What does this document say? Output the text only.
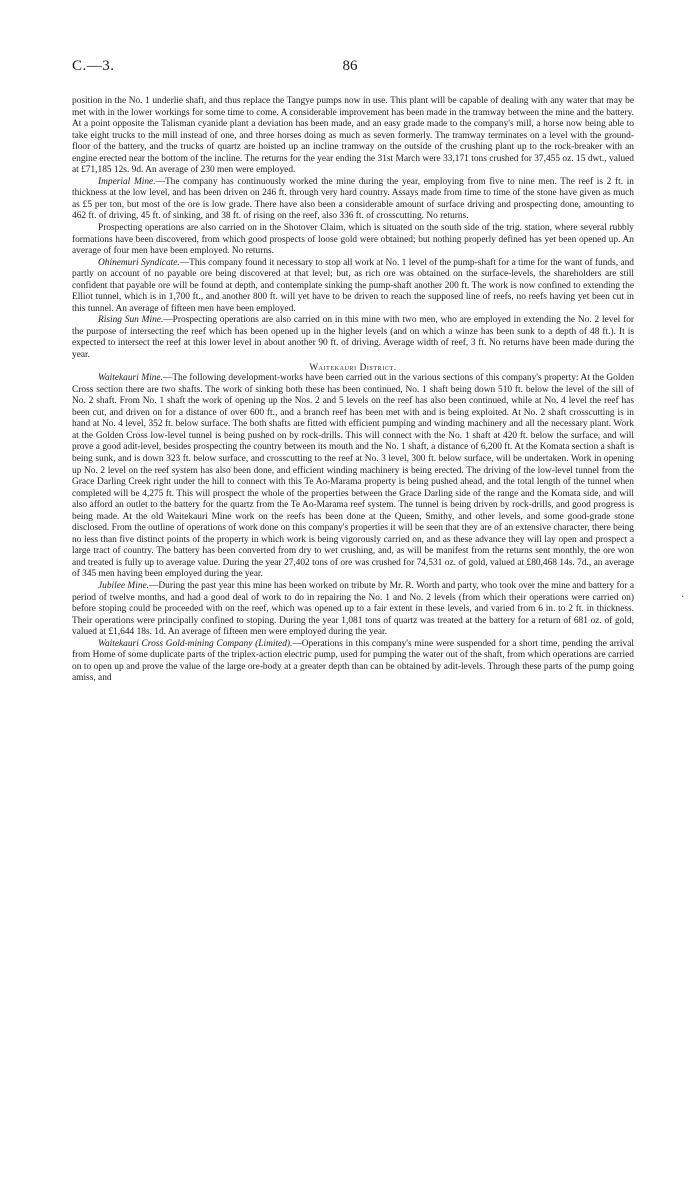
C.—3.	86
·

position in the No. 1 underlie shaft, and thus replace the Tangye pumps now in use. This plant will be capable of dealing with any water that may be met with in the lower workings for some time to come. A considerable improvement has been made in the tramway between the mine and the battery. At a point opposite the Talisman cyanide plant a deviation has been made, and an easy grade made to the company's mill, a horse now being able to take eight trucks to the mill instead of one, and three horses doing as much as seven formerly. The tramway terminates on a level with the ground-floor of the battery, and the trucks of quartz are hoisted up an incline tramway on the outside of the crushing plant up to the rock-breaker with an engine erected near the bottom of the incline. The returns for the year ending the 31st March were 33,171 tons crushed for 37,455 oz. 15 dwt., valued at £71,185 12s. 9d. An average of 230 men were employed.

Imperial Mine.—The company has continuously worked the mine during the year, employing from five to nine men. The reef is 2 ft. in thickness at the low level, and has been driven on 246 ft. through very hard country. Assays made from time to time of the stone have given as much as £5 per ton, but most of the ore is low grade. There have also been a considerable amount of surface driving and prospecting done, amounting to 462 ft. of driving, 45 ft. of sinking, and 38 ft. of rising on the reef, also 336 ft. of crosscutting. No returns.

Prospecting operations are also carried on in the Shotover Claim, which is situated on the south side of the trig. station, where several rubbly formations have been discovered, from which good prospects of loose gold were obtained; but nothing properly defined has yet been opened up. An average of four men have been employed. No returns.

Ohinemuri Syndicate.—This company found it necessary to stop all work at No. 1 level of the pump-shaft for a time for the want of funds, and partly on account of no payable ore being discovered at that level; but, as rich ore was obtained on the surface-levels, the shareholders are still confident that payable ore will be found at depth, and contemplate sinking the pump-shaft another 200 ft. The work is now confined to extending the Elliot tunnel, which is in 1,700 ft., and another 800 ft. will yet have to be driven to reach the supposed line of reefs, no reefs having yet been cut in this tunnel. An average of fifteen men have been employed.

Rising Sun Mine.—Prospecting operations are also carried on in this mine with two men, who are employed in extending the No. 2 level for the purpose of intersecting the reef which has been opened up in the higher levels (and on which a winze has been sunk to a depth of 48 ft.). It is expected to intersect the reef at this lower level in about another 90 ft. of driving. Average width of reef, 3 ft. No returns have been made during the year.

Waitekauri District.

Waitekauri Mine.—The following development-works have been carried out in the various sections of this company's property: At the Golden Cross section there are two shafts. The work of sinking both these has been continued, No. 1 shaft being down 510 ft. below the level of the sill of No. 2 shaft. From No. 1 shaft the work of opening up the Nos. 2 and 5 levels on the reef has also been continued, while at No. 4 level the reef has been cut, and driven on for a distance of over 600 ft., and a branch reef has been met with and is being exploited. At No. 2 shaft crosscutting is in hand at No. 4 level, 352 ft. below surface. The both shafts are fitted with efficient pumping and winding machinery and all the necessary plant. Work at the Golden Cross low-level tunnel is being pushed on by rock-drills. This will connect with the No. 1 shaft at 420 ft. below the surface, and will prove a good adit-level, besides prospecting the country between its mouth and the No. 1 shaft, a distance of 6,200 ft. At the Komata section a shaft is being sunk, and is down 323 ft. below surface, and crosscutting to the reef at No. 3 level, 300 ft. below surface, will be undertaken. Work in opening up No. 2 level on the reef system has also been done, and efficient winding machinery is being erected. The driving of the low-level tunnel from the Grace Darling Creek right under the hill to connect with this Te Ao-Marama property is being pushed ahead, and the total length of the tunnel when completed will be 4,275 ft. This will prospect the whole of the properties between the Grace Darling side of the range and the Komata side, and will also afford an outlet to the battery for the quartz from the Te Ao-Marama reef system. The tunnel is being driven by rock-drills, and good progress is being made. At the old Waitekauri Mine work on the reefs has been done at the Queen, Smithy, and other levels, and some good-grade stone disclosed. From the outline of operations of work done on this company's properties it will be seen that they are of an extensive character, there being no less than five distinct points of the property in which work is being vigorously carried on, and as these advance they will lay open and prospect a large tract of country. The battery has been converted from dry to wet crushing, and, as will be manifest from the returns sent monthly, the ore won and treated is fully up to average value. During the year 27,402 tons of ore was crushed for 74,531 oz. of gold, valued at £80,468 14s. 7d., an average of 345 men having been employed during the year.

Jubilee Mine.—During the past year this mine has been worked on tribute by Mr. R. Worth and party, who took over the mine and battery for a period of twelve months, and had a good deal of work to do in repairing the No. 1 and No. 2 levels (from which their operations were carried on) before stoping could be proceeded with on the reef, which was opened up to a fair extent in these levels, and varied from 6 in. to 2 ft. in thickness. Their operations were principally confined to stoping. During the year 1,081 tons of quartz was treated at the battery for a return of 681 oz. of gold, valued at £1,644 18s. 1d. An average of fifteen men were employed during the year.

Waitekauri Cross Gold-mining Company (Limited).—Operations in this company's mine were suspended for a short time, pending the arrival from Home of some duplicate parts of the triplex-action electric pump, used for pumping the water out of the shaft, from which operations are carried on to open up and prove the value of the large ore-body at a greater depth than can be obtained by adit-levels. Through these parts of the pump going amiss, and
